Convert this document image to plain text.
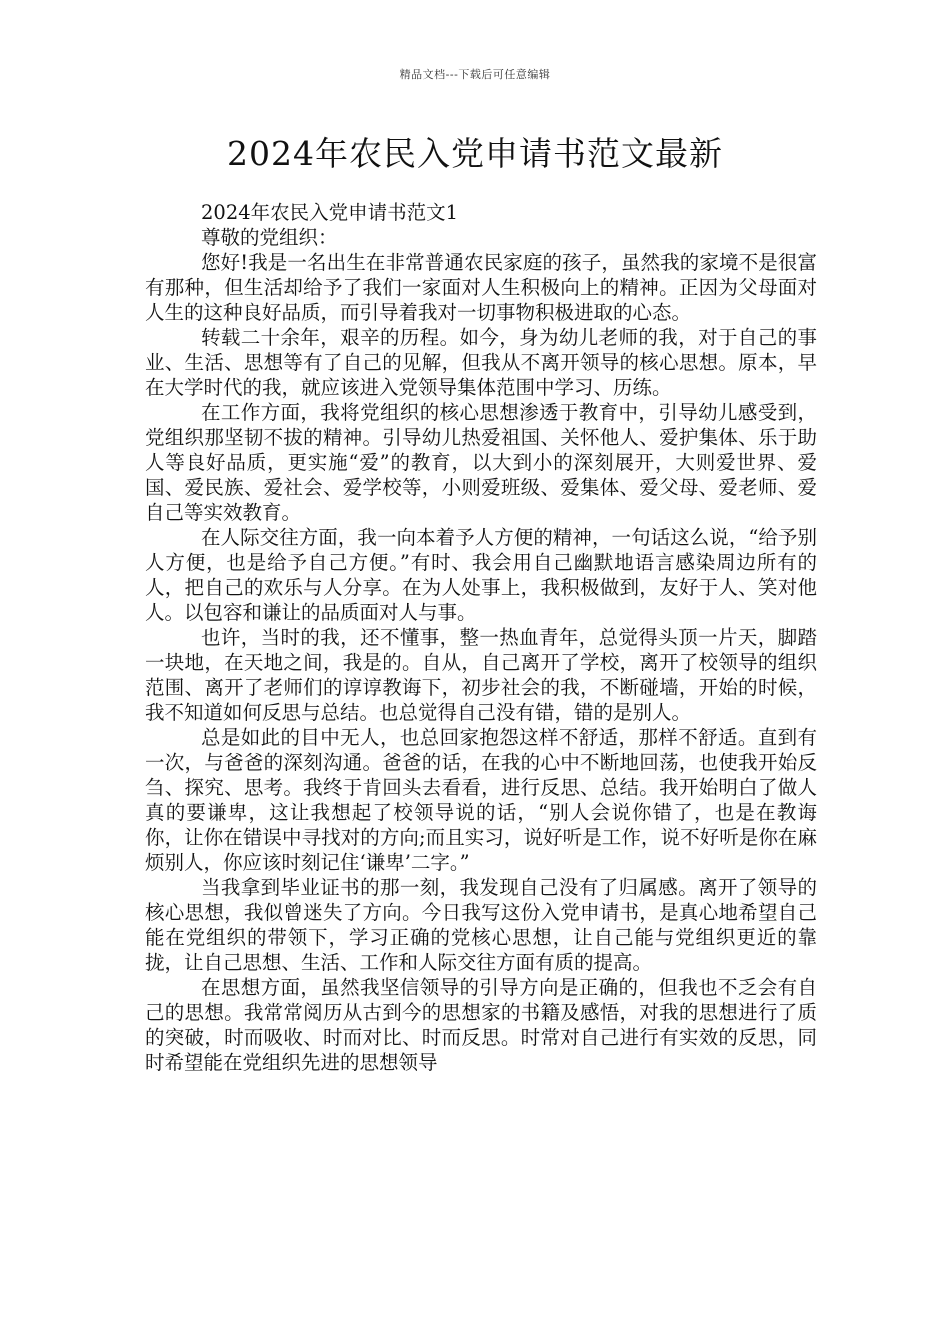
精品文档---下载后可任意编辑
2024年农民入党申请书范文最新

2024年农民入党申请书范文1

尊敬的党组织：

您好!我是一名出生在非常普通农民家庭的孩子，虽然我的家境不是很富有那种，但生活却给予了我们一家面对人生积极向上的精神。正因为父母面对人生的这种良好品质，而引导着我对一切事物积极进取的心态。

转载二十余年，艰辛的历程。如今，身为幼儿老师的我，对于自己的事业、生活、思想等有了自己的见解，但我从不离开领导的核心思想。原本，早在大学时代的我，就应该进入党领导集体范围中学习、历练。

在工作方面，我将党组织的核心思想渗透于教育中，引导幼儿感受到，党组织那坚韧不拔的精神。引导幼儿热爱祖国、关怀他人、爱护集体、乐于助人等良好品质，更实施“爱”的教育，以大到小的深刻展开，大则爱世界、爱国、爱民族、爱社会、爱学校等，小则爱班级、爱集体、爱父母、爱老师、爱自己等实效教育。

在人际交往方面，我一向本着予人方便的精神，一句话这么说，“给予别人方便，也是给予自己方便。”有时、我会用自己幽默地语言感染周边所有的人，把自己的欢乐与人分享。在为人处事上，我积极做到，友好于人、笑对他人。以包容和谦让的品质面对人与事。

也许，当时的我，还不懂事，整一热血青年，总觉得头顶一片天，脚踏一块地，在天地之间，我是的。自从，自己离开了学校，离开了校领导的组织范围、离开了老师们的谆谆教诲下，初步社会的我，不断碰墙，开始的时候，我不知道如何反思与总结。也总觉得自己没有错，错的是别人。

总是如此的目中无人，也总回家抱怨这样不舒适，那样不舒适。直到有一次，与爸爸的深刻沟通。爸爸的话，在我的心中不断地回荡，也使我开始反刍、探究、思考。我终于肯回头去看看，进行反思、总结。我开始明白了做人真的要谦卑，这让我想起了校领导说的话，“别人会说你错了，也是在教诲你，让你在错误中寻找对的方向;而且实习，说好听是工作，说不好听是你在麻烦别人，你应该时刻记住‘谦卑’二字。”

当我拿到毕业证书的那一刻，我发现自己没有了归属感。离开了领导的核心思想，我似曾迷失了方向。今日我写这份入党申请书，是真心地希望自己能在党组织的带领下，学习正确的党核心思想，让自己能与党组织更近的靠拢，让自己思想、生活、工作和人际交往方面有质的提高。

在思想方面，虽然我坚信领导的引导方向是正确的，但我也不乏会有自己的思想。我常常阅历从古到今的思想家的书籍及感悟，对我的思想进行了质的突破，时而吸收、时而对比、时而反思。时常对自己进行有实效的反思，同时希望能在党组织先进的思想领导
